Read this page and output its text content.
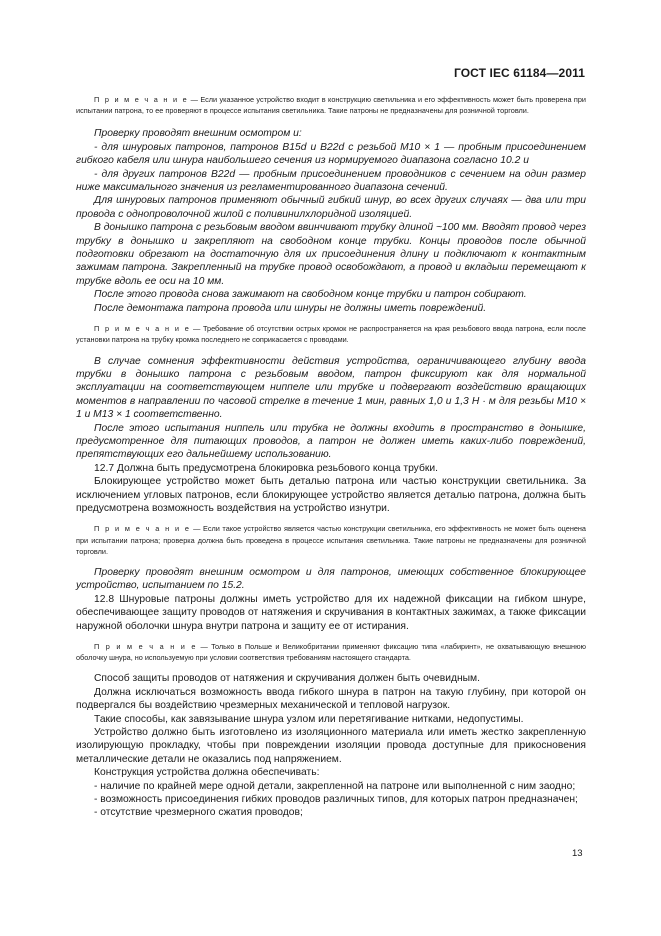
ГОСТ IEC 61184—2011

П р и м е ч а н и е — Если указанное устройство входит в конструкцию светильника и его эффективность может быть проверена при испытании патрона, то ее проверяют в процессе испытания светильника. Такие патроны не предназначены для розничной торговли.

Проверку проводят внешним осмотром и:

- для шнуровых патронов, патронов B15d и B22d с резьбой M10 × 1 — пробным присоединением гибкого кабеля или шнура наибольшего сечения из нормируемого диапазона согласно 10.2 и

- для других патронов B22d — пробным присоединением проводников с сечением на один размер ниже максимального значения из регламентированного диапазона сечений.

Для шнуровых патронов применяют обычный гибкий шнур, во всех других случаях — два или три провода с однопроволочной жилой с поливинилхлоридной изоляцией.

В донышко патрона с резьбовым вводом ввинчивают трубку длиной ~100 мм. Вводят провод через трубку в донышко и закрепляют на свободном конце трубки. Концы проводов после обычной подготовки обрезают на достаточную для их присоединения длину и подключают к контактным зажимам патрона. Закрепленный на трубке провод освобождают, а провод и вкладыш перемещают к трубке вдоль ее оси на 10 мм.

После этого провода снова зажимают на свободном конце трубки и патрон собирают.

После демонтажа патрона провода или шнуры не должны иметь повреждений.

П р и м е ч а н и е — Требование об отсутствии острых кромок не распространяется на края резьбового ввода патрона, если после установки патрона на трубку кромка последнего не соприкасается с проводами.

В случае сомнения эффективности действия устройства, ограничивающего глубину ввода трубки в донышко патрона с резьбовым вводом, патрон фиксируют как для нормальной эксплуатации на соответствующем ниппеле или трубке и подвергают воздействию вращающих моментов в направлении по часовой стрелке в течение 1 мин, равных 1,0 и 1,3 Н · м для резьбы M10 × 1 и M13 × 1 соответственно.

После этого испытания ниппель или трубка не должны входить в пространство в донышке, предусмотренное для питающих проводов, а патрон не должен иметь каких-либо повреждений, препятствующих его дальнейшему использованию.

12.7 Должна быть предусмотрена блокировка резьбового конца трубки.

Блокирующее устройство может быть деталью патрона или частью конструкции светильника. За исключением угловых патронов, если блокирующее устройство является деталью патрона, должна быть предусмотрена возможность воздействия на устройство изнутри.

П р и м е ч а н и е — Если такое устройство является частью конструкции светильника, его эффективность не может быть оценена при испытании патрона; проверка должна быть проведена в процессе испытания светильника. Такие патроны не предназначены для розничной торговли.

Проверку проводят внешним осмотром и для патронов, имеющих собственное блокирующее устройство, испытанием по 15.2.

12.8 Шнуровые патроны должны иметь устройство для их надежной фиксации на гибком шнуре, обеспечивающее защиту проводов от натяжения и скручивания в контактных зажимах, а также фиксации наружной оболочки шнура внутри патрона и защиту ее от истирания.

П р и м е ч а н и е — Только в Польше и Великобритании применяют фиксацию типа «лабиринт», не охватывающую внешнюю оболочку шнура, но используемую при условии соответствия требованиям настоящего стандарта.

Способ защиты проводов от натяжения и скручивания должен быть очевидным.

Должна исключаться возможность ввода гибкого шнура в патрон на такую глубину, при которой он подвергался бы воздействию чрезмерных механической и тепловой нагрузок.

Такие способы, как завязывание шнура узлом или перетягивание нитками, недопустимы.

Устройство должно быть изготовлено из изоляционного материала или иметь жестко закрепленную изолирующую прокладку, чтобы при повреждении изоляции провода доступные для прикосновения металлические детали не оказались под напряжением.

Конструкция устройства должна обеспечивать:

- наличие по крайней мере одной детали, закрепленной на патроне или выполненной с ним заодно;

- возможность присоединения гибких проводов различных типов, для которых патрон предназначен;

- отсутствие чрезмерного сжатия проводов;

13
